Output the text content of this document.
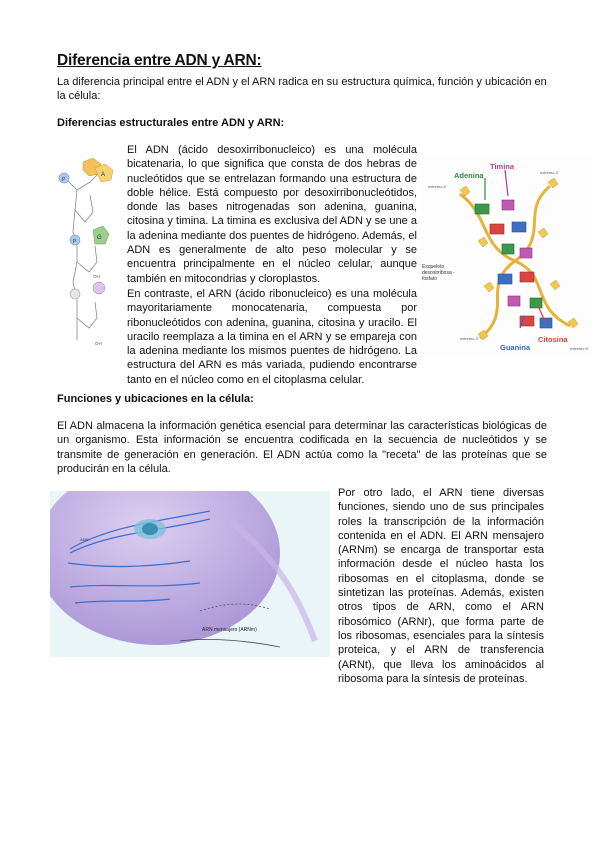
Diferencia entre ADN y ARN:

La diferencia principal entre el ADN y el ARN radica en su estructura química, función y ubicación en la célula:

Diferencias estructurales entre ADN y ARN:
P
A
P
G
OH
OH

El ADN (ácido desoxirribonucleico) es una molécula bicatenaria, lo que significa que consta de dos hebras de nucleótidos que se entrelazan formando una estructura de doble hélice. Está compuesto por desoxirribonucleótidos, donde las bases nitrogenadas son adenina, guanina, citosina y timina. La timina es exclusiva del ADN y se une a la adenina mediante dos puentes de hidrógeno. Además, el ADN es generalmente de alto peso molecular y se encuentra principalmente en el núcleo celular, aunque también en mitocondrias y cloroplastos.

En contraste, el ARN (ácido ribonucleico) es una molécula mayoritariamente monocatenaria, compuesta por ribonucleótidos con adenina, guanina, citosina y uracilo. El uracilo reemplaza a la timina en el ARN y se empareja con la adenina mediante los mismos puentes de hidrógeno. La estructura del ARN es más variada, pudiendo encontrarse tanto en el núcleo como en el citoplasma celular.

Timina
Adenina
extremo 5'
extremo 3'
Esqueleto desoxirribosa -fosfato
Citosina
Guanina
extremo 3'
extremo 5'
Funciones y ubicaciones en la célula:

El ADN almacena la información genética esencial para determinar las características biológicas de un organismo. Esta información se encuentra codificada en la secuencia de nucleótidos y se transmite de generación en generación. El ADN actúa como la "receta" de las proteínas que se producirán en la célula.

ADN
ARN mensajero (ARNm)

Por otro lado, el ARN tiene diversas funciones, siendo uno de sus principales roles la transcripción de la información contenida en el ADN. El ARN mensajero (ARNm) se encarga de transportar esta información desde el núcleo hasta los ribosomas en el citoplasma, donde se sintetizan las proteínas. Además, existen otros tipos de ARN, como el ARN ribosómico (ARNr), que forma parte de los ribosomas, esenciales para la síntesis proteica, y el ARN de transferencia (ARNt), que lleva los aminoácidos al ribosoma para la síntesis de proteínas.
